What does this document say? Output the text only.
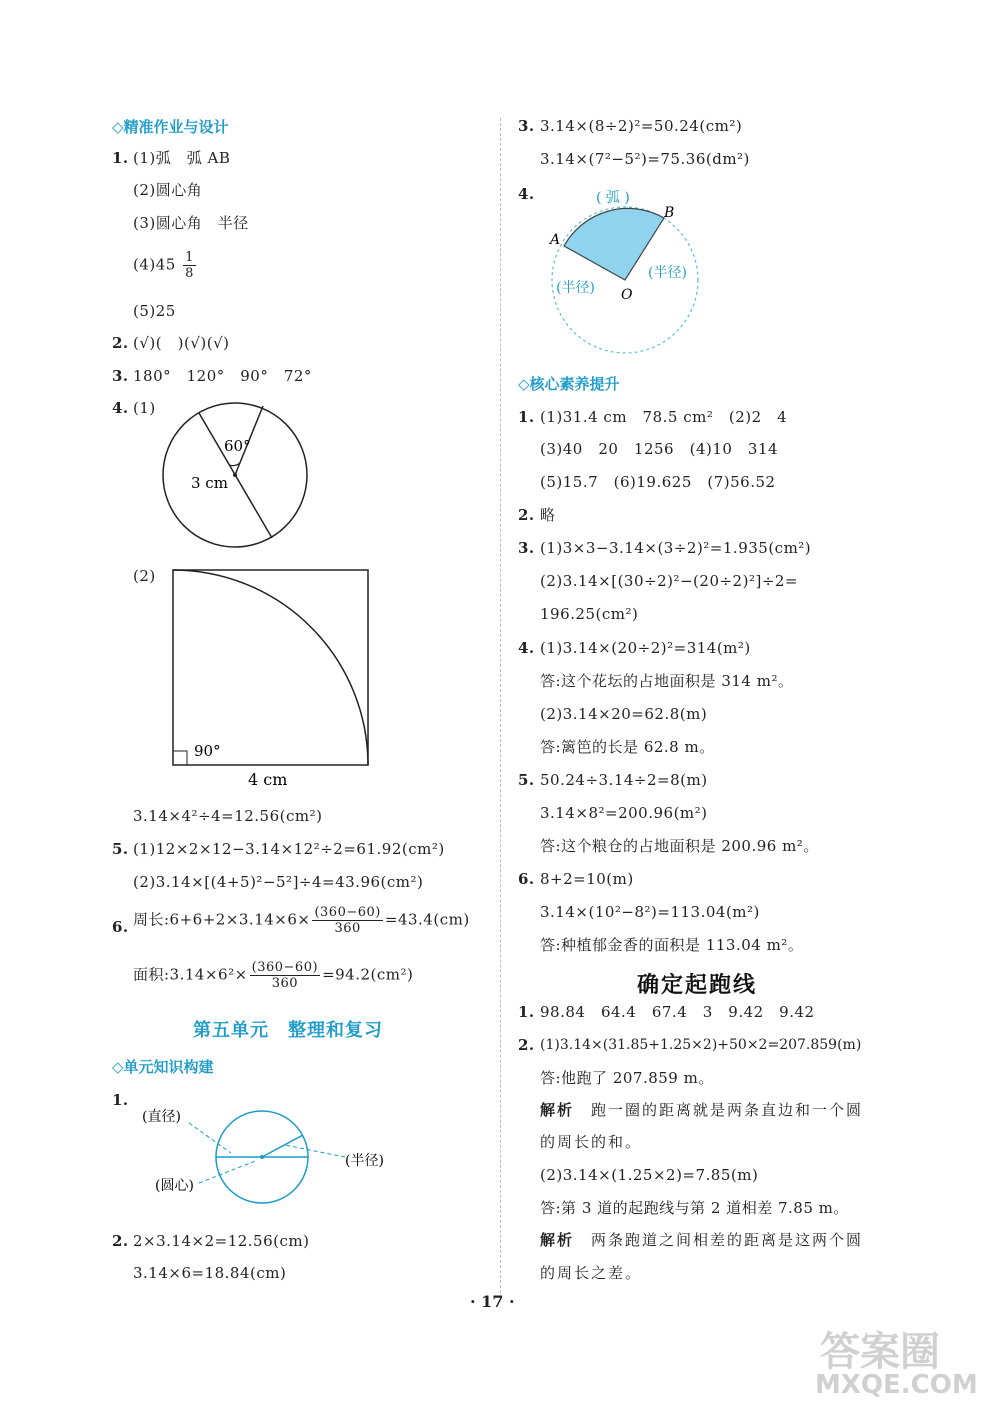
◇精准作业与设计
1. (1)弧　弧 AB
(2)圆心角
(3)圆心角　半径
$(4)45 \frac{1}{8}$
(5)25
2. (√)(　)(√)(√)
3. 180°　120°　90°　72°
4. (1)
60°
3 cm
(2)
90°
4 cm
3.14×4²÷4=12.56(cm²)
5. (1)12×2×12−3.14×12²÷2=61.92(cm²)
(2)3.14×[(4+5)²−5²]÷4=43.96(cm²)
6. 周长:6+6+2×3.14×6× $\frac{(360-60)}{360} =43.4(cm)$
面积:3.14×6²× $\frac{(360-60)}{360} =94.2(cm^2)$
第五单元　整理和复习
◇单元知识构建
1.
(直径)
(半径)
(圆心)
2. 2×3.14×2=12.56(cm)
3.14×6=18.84(cm)
3. 3.14×(8÷2)²=50.24(cm²)
3.14×(7²−5²)=75.36(dm²)
4.	( 弧 )
A
B
O
(半径)
(半径)
◇核心素养提升
1. (1)31.4 cm　78.5 cm²　(2)2　4
(3)40　20　1256　(4)10　314
(5)15.7　(6)19.625　(7)56.52
2. 略
3. (1)3×3−3.14×(3÷2)²=1.935(cm²)
(2)3.14×[(30÷2)²−(20÷2)²]÷2=
196.25(cm²)
4. (1)3.14×(20÷2)²=314(m²)
答:这个花坛的占地面积是 314 m²。
(2)3.14×20=62.8(m)
答:篱笆的长是 62.8 m。
5. 50.24÷3.14÷2=8(m)
3.14×8²=200.96(m²)
答:这个粮仓的占地面积是 200.96 m²。
6. 8+2=10(m)
3.14×(10²−8²)=113.04(m²)
答:种植郁金香的面积是 113.04 m²。
确定起跑线
1. 98.84　64.4　67.4　3　9.42　9.42
2. (1)3.14×(31.85+1.25×2)+50×2=207.859(m)
答:他跑了 207.859 m。
解析　跑一圈的距离就是两条直边和一个圆
的周长的和。
(2)3.14×(1.25×2)=7.85(m)
答:第 3 道的起跑线与第 2 道相差 7.85 m。
解析　两条跑道之间相差的距离是这两个圆
的周长之差。
· 17 ·
答案圈
MXQE.COM
